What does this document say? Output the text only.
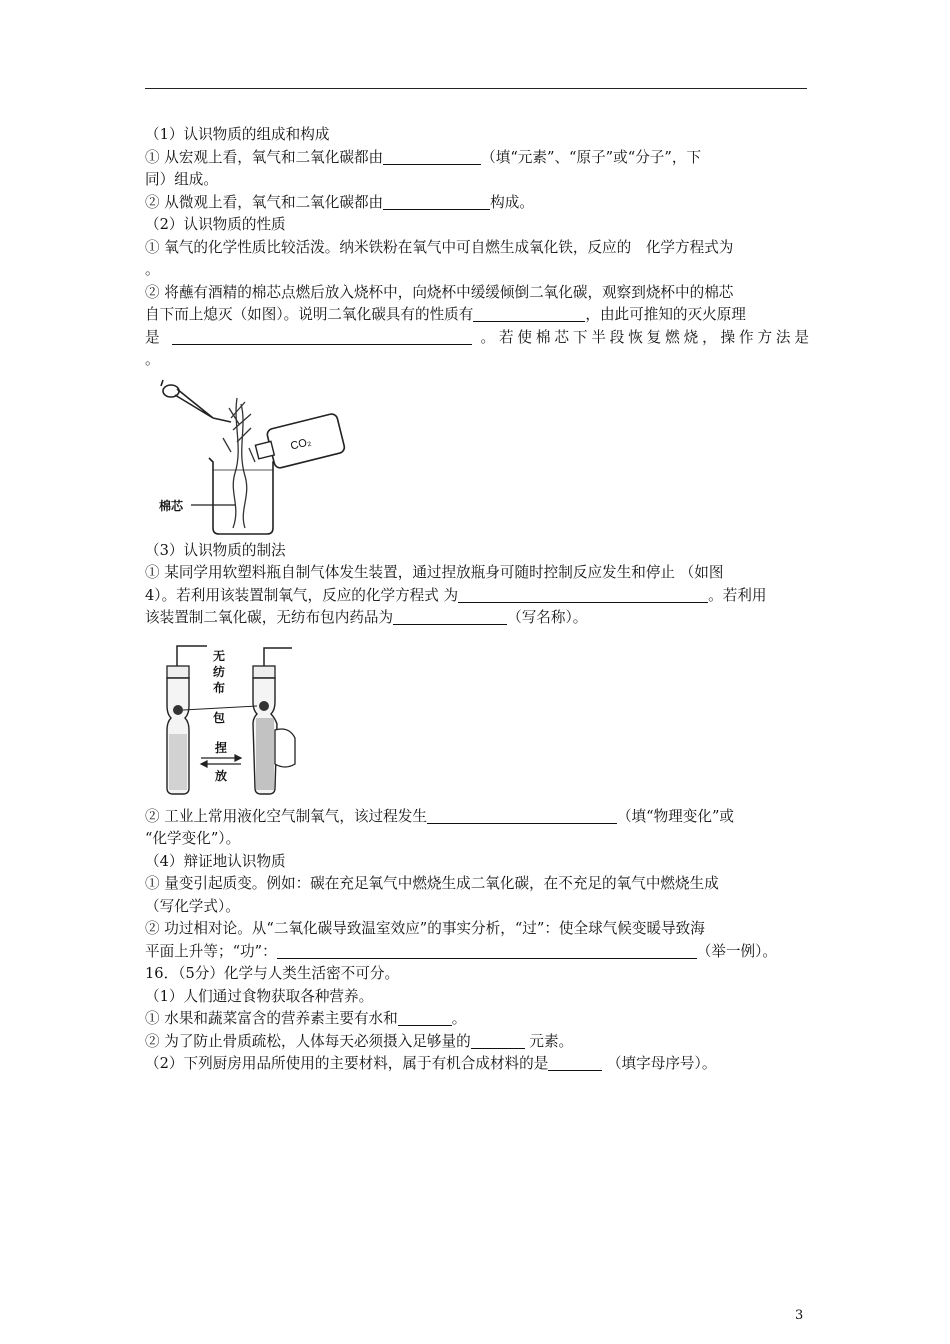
（1）认识物质的组成和构成

① 从宏观上看，氧气和二氧化碳都由	（填“元素”、“原子”或“分子”，下

同）组成。

② 从微观上看，氧气和二氧化碳都由	构成。

（2）认识物质的性质

① 氧气的化学性质比较活泼。纳米铁粉在氧气中可自燃生成氧化铁，反应的　化学方程式为

。

② 将蘸有酒精的棉芯点燃后放入烧杯中，向烧杯中缓缓倾倒二氧化碳，观察到烧杯中的棉芯

自下而上熄灭（如图）。说明二氧化碳具有的性质有	，由此可推知的灭火原理

是	。若使棉芯下半段恢复燃烧，操作方法是

。

CO₂
棉芯

（3）认识物质的制法

① 某同学用软塑料瓶自制气体发生装置，通过捏放瓶身可随时控制反应发生和停止 （如图

4）。若利用该装置制氧气，反应的化学方程式 为	。若利用

该装置制二氧化碳，无纺布包内药品为	（写名称）。

无
纺
布
包
捏
放

② 工业上常用液化空气制氧气，该过程发生	（填“物理变化”或

“化学变化”）。

（4）辩证地认识物质

① 量变引起质变。例如：碳在充足氧气中燃烧生成二氧化碳，在不充足的氧气中燃烧生成

（写化学式）。

② 功过相对论。从“二氧化碳导致温室效应”的事实分析，“过”：使全球气候变暖导致海

平面上升等；“功”：	（举一例）。

16．（5分）化学与人类生活密不可分。

（1）人们通过食物获取各种营养。

① 水果和蔬菜富含的营养素主要有水和	。

② 为了防止骨质疏松，人体每天必须摄入足够量的	元素。

（2）下列厨房用品所使用的主要材料，属于有机合成材料的是	（填字母序号）。

3
